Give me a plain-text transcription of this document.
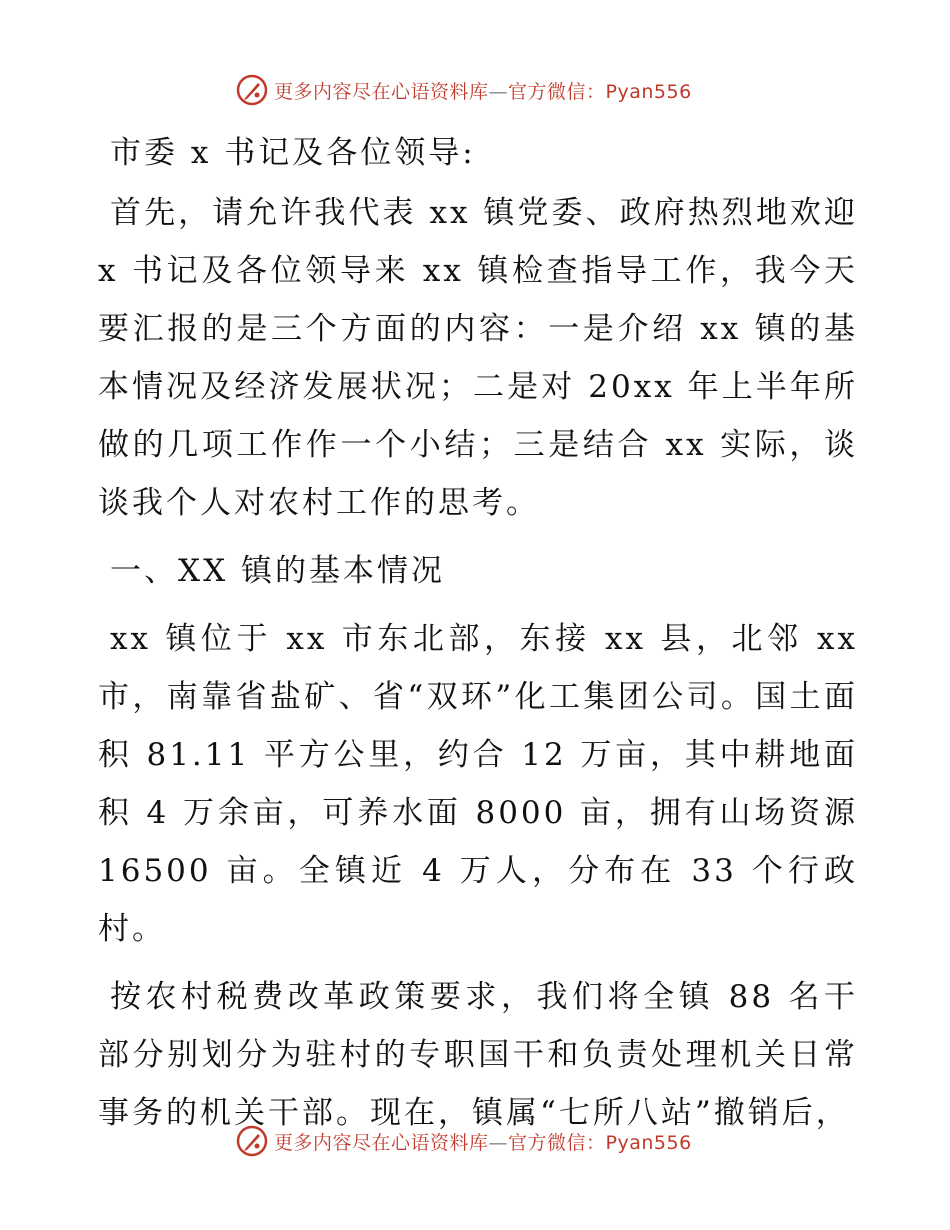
更多内容尽在心语资料库—官方微信：Pyan556

市委 x 书记及各位领导:

首先，请允许我代表 xx 镇党委、政府热烈地欢迎 x 书记及各位领导来 xx 镇检查指导工作，我今天要汇报的是三个方面的内容：一是介绍 xx 镇的基本情况及经济发展状况；二是对 20xx 年上半年所做的几项工作作一个小结；三是结合 xx 实际，谈谈我个人对农村工作的思考。

一、XX 镇的基本情况

xx 镇位于 xx 市东北部，东接 xx 县，北邻 xx 市，南靠省盐矿、省“双环”化工集团公司。国土面积 81.11 平方公里，约合 12 万亩，其中耕地面积 4 万余亩，可养水面 8000 亩，拥有山场资源 16500 亩。全镇近 4 万人，分布在 33 个行政村。

按农村税费改革政策要求，我们将全镇 88 名干部分别划分为驻村的专职国干和负责处理机关日常事务的机关干部。现在，镇属“七所八站”撤销后，

更多内容尽在心语资料库—官方微信：Pyan556
